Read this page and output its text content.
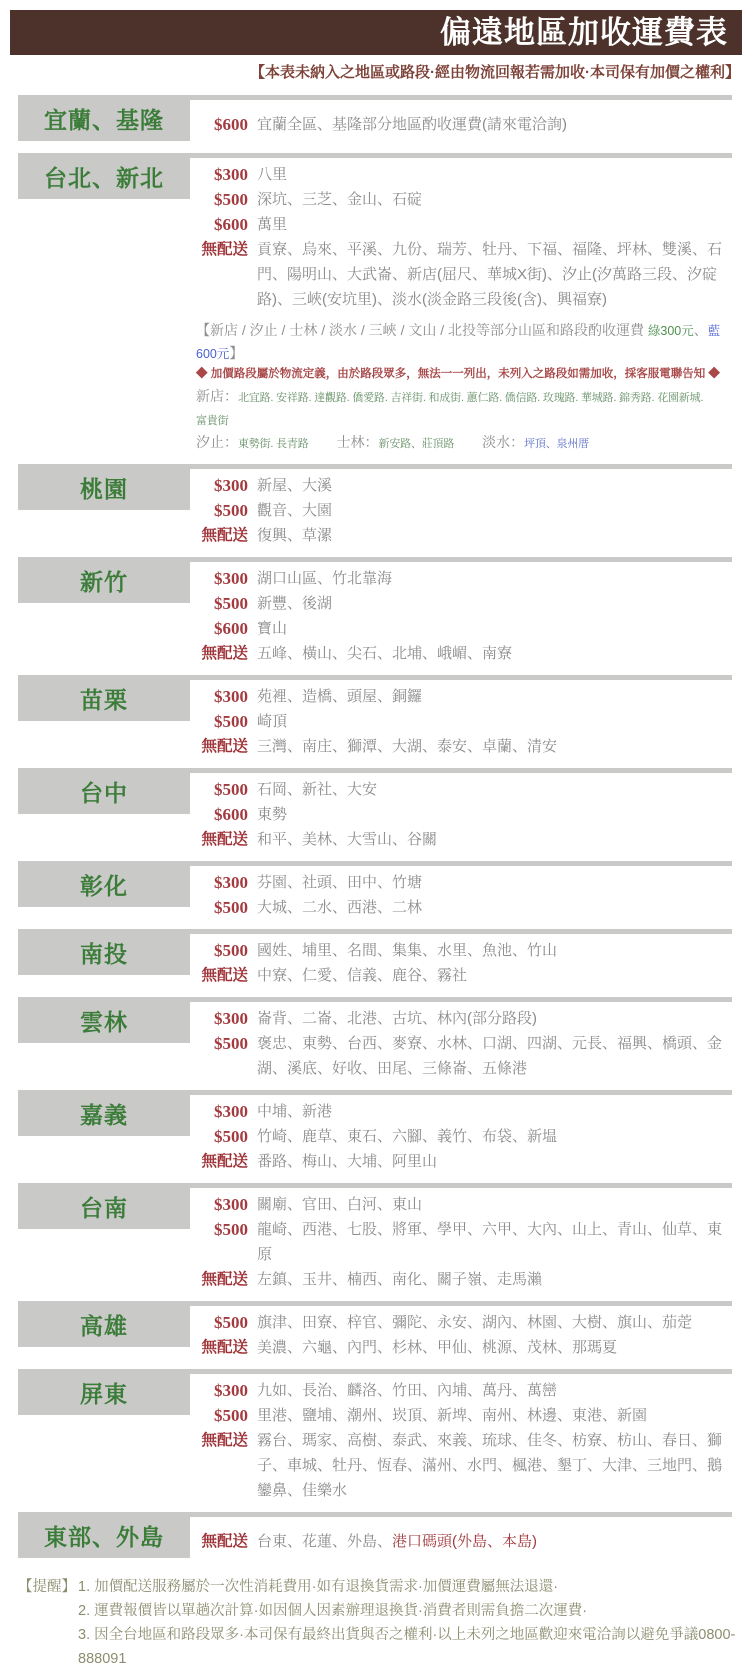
偏遠地區加收運費表
【本表未納入之地區或路段·經由物流回報若需加收·本司保有加價之權利】
宜蘭、基隆	$600 宜蘭全區、基隆部分地區酌收運費(請來電洽詢)
台北、新北	$300 八里
$500 深坑、三芝、金山、石碇
$600 萬里
無配送 貢寮、烏來、平溪、九份、瑞芳、牡丹、下福、福隆、坪林、雙溪、石門、陽明山、大武崙、新店(屈尺、華城X街)、汐止(汐萬路三段、汐碇路)、三峽(安坑里)、淡水(淡金路三段後(含)、興福寮)
【新店 / 汐止 / 士林 / 淡水 / 三峽 / 文山 / 北投等部分山區和路段酌收運費 綠300元、藍600元】
◆ 加價路段屬於物流定義，由於路段眾多，無法一一列出，未列入之路段如需加收，採客服電聯告知 ◆
新店：北宜路. 安祥路. 達觀路. 僑愛路. 吉祥街. 和成街. 蕙仁路. 僑信路. 玫瑰路. 華城路. 錦秀路. 花園新城. 富貴街汐止：東勢街. 長青路 士林：新安路、莊頂路 淡水：坪頂、泉州厝
桃園	$300 新屋、大溪
$500 觀音、大園
無配送 復興、草漯
新竹	$300 湖口山區、竹北靠海
$500 新豐、後湖
$600 寶山
無配送 五峰、橫山、尖石、北埔、峨嵋、南寮
苗栗	$300 苑裡、造橋、頭屋、銅鑼
$500 崎頂
無配送 三灣、南庄、獅潭、大湖、泰安、卓蘭、清安
台中	$500 石岡、新社、大安
$600 東勢
無配送 和平、美林、大雪山、谷關
彰化	$300 芬園、社頭、田中、竹塘
$500 大城、二水、西港、二林
南投	$500 國姓、埔里、名間、集集、水里、魚池、竹山
無配送 中寮、仁愛、信義、鹿谷、霧社
雲林	$300 崙背、二崙、北港、古坑、林內(部分路段)
$500 褒忠、東勢、台西、麥寮、水林、口湖、四湖、元長、福興、橋頭、金湖、溪底、好收、田尾、三條崙、五條港
嘉義	$300 中埔、新港
$500 竹崎、鹿草、東石、六腳、義竹、布袋、新塭
無配送 番路、梅山、大埔、阿里山
台南	$300 關廟、官田、白河、東山
$500 龍崎、西港、七股、將軍、學甲、六甲、大內、山上、青山、仙草、東原
無配送 左鎮、玉井、楠西、南化、關子嶺、走馬瀨
高雄	$500 旗津、田寮、梓官、彌陀、永安、湖內、林園、大樹、旗山、茄萣
無配送 美濃、六龜、內門、杉林、甲仙、桃源、茂林、那瑪夏
屏東	$300 九如、長治、麟洛、竹田、內埔、萬丹、萬巒
$500 里港、鹽埔、潮州、崁頂、新埤、南州、林邊、東港、新園
無配送 霧台、瑪家、高樹、泰武、來義、琉球、佳冬、枋寮、枋山、春日、獅子、車城、牡丹、恆春、滿州、水門、楓港、墾丁、大津、三地門、鵝鑾鼻、佳樂水
東部、外島	無配送 台東、花蓮、外島、港口碼頭(外島、本島)
【提醒】 1. 加價配送服務屬於一次性消耗費用·如有退換貨需求·加價運費屬無法退還·
2. 運費報價皆以單趟次計算·如因個人因素辦理退換貨·消費者則需負擔二次運費·
3. 因全台地區和路段眾多·本司保有最終出貨與否之權利·以上未列之地區歡迎來電洽詢以避免爭議0800-888091
